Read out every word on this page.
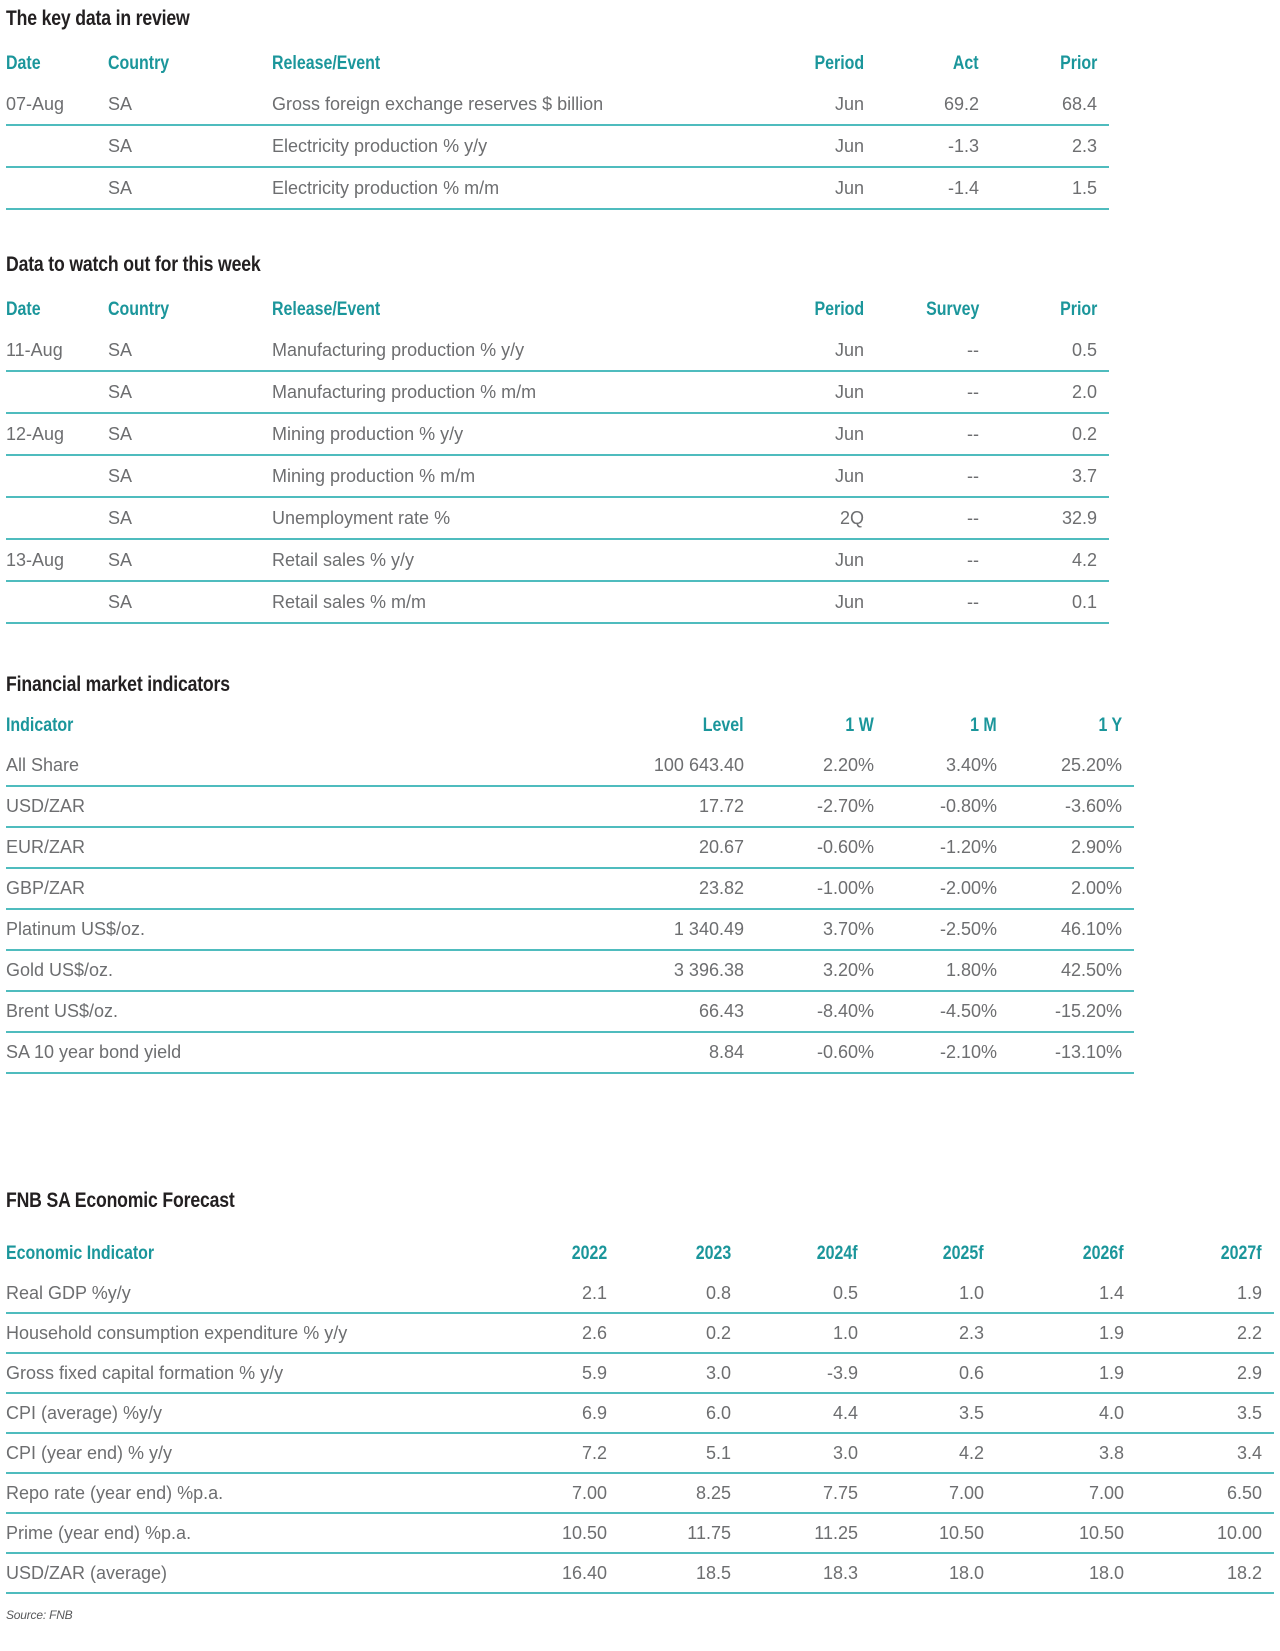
The key data in review
Date	Country	Release/Event	Period	Act	Prior
07-Aug	SA	Gross foreign exchange reserves $ billion	Jun	69.2	68.4
	SA	Electricity production % y/y	Jun	-1.3	2.3
	SA	Electricity production % m/m	Jun	-1.4	1.5
Data to watch out for this week
Date	Country	Release/Event	Period	Survey	Prior
11-Aug	SA	Manufacturing production % y/y	Jun	--	0.5
	SA	Manufacturing production % m/m	Jun	--	2.0
12-Aug	SA	Mining production % y/y	Jun	--	0.2
	SA	Mining production % m/m	Jun	--	3.7
	SA	Unemployment rate %	2Q	--	32.9
13-Aug	SA	Retail sales % y/y	Jun	--	4.2
	SA	Retail sales % m/m	Jun	--	0.1
Financial market indicators
Indicator	Level	1 W	1 M	1 Y
All Share	100 643.40	2.20%	3.40%	25.20%
USD/ZAR	17.72	-2.70%	-0.80%	-3.60%
EUR/ZAR	20.67	-0.60%	-1.20%	2.90%
GBP/ZAR	23.82	-1.00%	-2.00%	2.00%
Platinum US$/oz.	1 340.49	3.70%	-2.50%	46.10%
Gold US$/oz.	3 396.38	3.20%	1.80%	42.50%
Brent US$/oz.	66.43	-8.40%	-4.50%	-15.20%
SA 10 year bond yield	8.84	-0.60%	-2.10%	-13.10%
FNB SA Economic Forecast
Economic Indicator	2022	2023	2024f	2025f	2026f	2027f
Real GDP %y/y	2.1	0.8	0.5	1.0	1.4	1.9
Household consumption expenditure % y/y	2.6	0.2	1.0	2.3	1.9	2.2
Gross fixed capital formation % y/y	5.9	3.0	-3.9	0.6	1.9	2.9
CPI (average) %y/y	6.9	6.0	4.4	3.5	4.0	3.5
CPI (year end) % y/y	7.2	5.1	3.0	4.2	3.8	3.4
Repo rate (year end) %p.a.	7.00	8.25	7.75	7.00	7.00	6.50
Prime (year end) %p.a.	10.50	11.75	11.25	10.50	10.50	10.00
USD/ZAR (average)	16.40	18.5	18.3	18.0	18.0	18.2
Source: FNB
